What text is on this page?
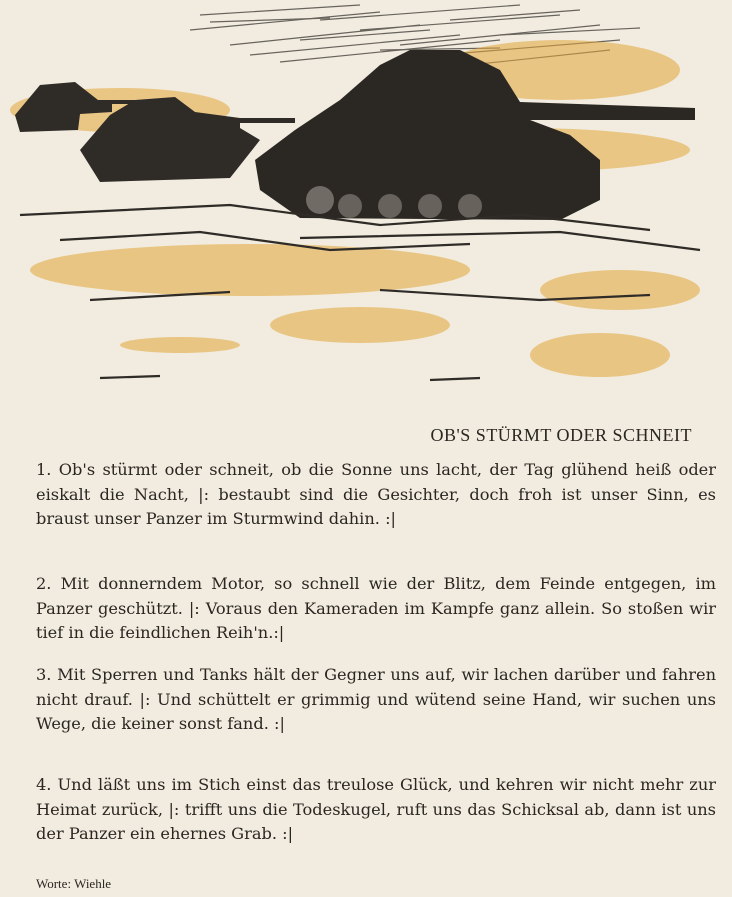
OB'S STÜRMT ODER SCHNEIT

1. Ob's stürmt oder schneit, ob die Sonne uns lacht, der Tag glühend heiß oder eiskalt die Nacht, |: bestaubt sind die Gesichter, doch froh ist unser Sinn, es braust unser Panzer im Sturmwind dahin. :|

2. Mit donnerndem Motor, so schnell wie der Blitz, dem Feinde entgegen, im Panzer geschützt. |: Voraus den Kameraden im Kampfe ganz allein. So stoßen wir tief in die feindlichen Reih'n.:|

3. Mit Sperren und Tanks hält der Gegner uns auf, wir lachen darüber und fahren nicht drauf. |: Und schüttelt er grimmig und wütend seine Hand, wir suchen uns Wege, die keiner sonst fand. :|

4. Und läßt uns im Stich einst das treulose Glück, und kehren wir nicht mehr zur Heimat zurück, |: trifft uns die Todeskugel, ruft uns das Schicksal ab, dann ist uns der Panzer ein ehernes Grab. :|

Worte: Wiehle
